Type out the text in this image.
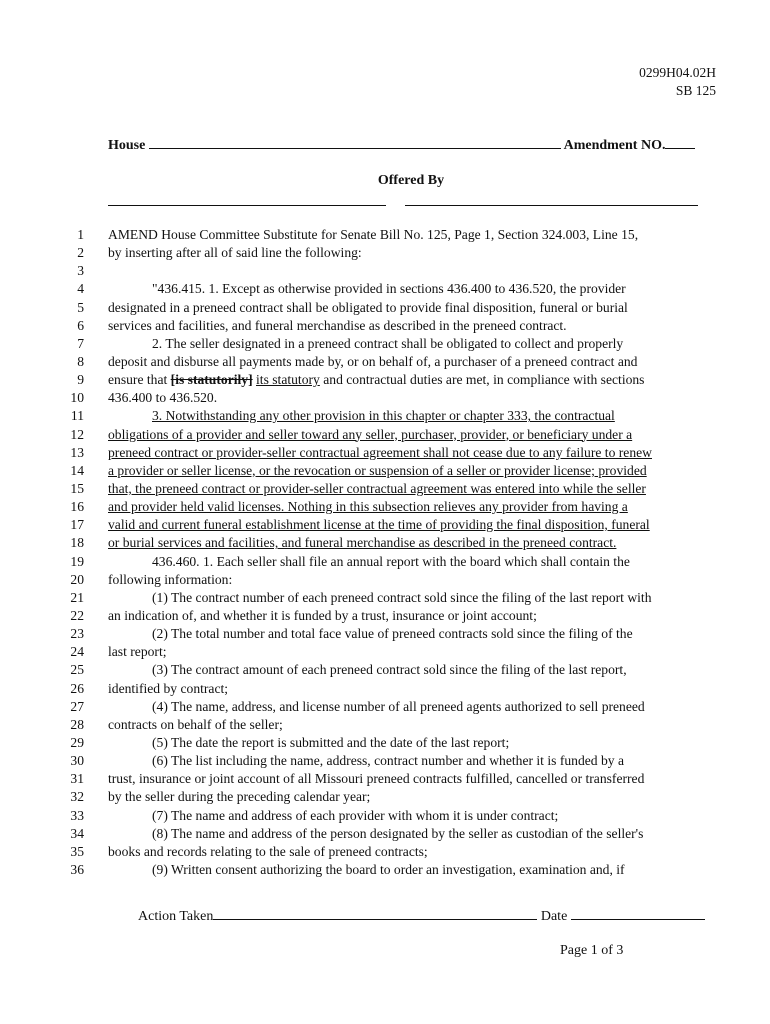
0299H04.02H
SB 125
House	Amendment NO.
Offered By
1 AMEND House Committee Substitute for Senate Bill No. 125, Page 1, Section 324.003, Line 15,
2 by inserting after all of said line the following:
3
4	"436.415. 1. Except as otherwise provided in sections 436.400 to 436.520, the provider
5 designated in a preneed contract shall be obligated to provide final disposition, funeral or burial
6 services and facilities, and funeral merchandise as described in the preneed contract.
7	2. The seller designated in a preneed contract shall be obligated to collect and properly
8 deposit and disburse all payments made by, or on behalf of, a purchaser of a preneed contract and
9 ensure that [is statutorily] its statutory and contractual duties are met, in compliance with sections
10 436.400 to 436.520.
11	3. Notwithstanding any other provision in this chapter or chapter 333, the contractual
12 obligations of a provider and seller toward any seller, purchaser, provider, or beneficiary under a
13 preneed contract or provider-seller contractual agreement shall not cease due to any failure to renew
14 a provider or seller license, or the revocation or suspension of a seller or provider license; provided
15 that, the preneed contract or provider-seller contractual agreement was entered into while the seller
16 and provider held valid licenses. Nothing in this subsection relieves any provider from having a
17 valid and current funeral establishment license at the time of providing the final disposition, funeral
18 or burial services and facilities, and funeral merchandise as described in the preneed contract.
19	436.460. 1. Each seller shall file an annual report with the board which shall contain the
20 following information:
21	(1) The contract number of each preneed contract sold since the filing of the last report with
22 an indication of, and whether it is funded by a trust, insurance or joint account;
23	(2) The total number and total face value of preneed contracts sold since the filing of the
24 last report;
25	(3) The contract amount of each preneed contract sold since the filing of the last report,
26 identified by contract;
27	(4) The name, address, and license number of all preneed agents authorized to sell preneed
28 contracts on behalf of the seller;
29	(5) The date the report is submitted and the date of the last report;
30	(6) The list including the name, address, contract number and whether it is funded by a
31 trust, insurance or joint account of all Missouri preneed contracts fulfilled, cancelled or transferred
32 by the seller during the preceding calendar year;
33	(7) The name and address of each provider with whom it is under contract;
34	(8) The name and address of the person designated by the seller as custodian of the seller's
35 books and records relating to the sale of preneed contracts;
36	(9) Written consent authorizing the board to order an investigation, examination and, if
Action Taken	Date
Page 1 of 3
